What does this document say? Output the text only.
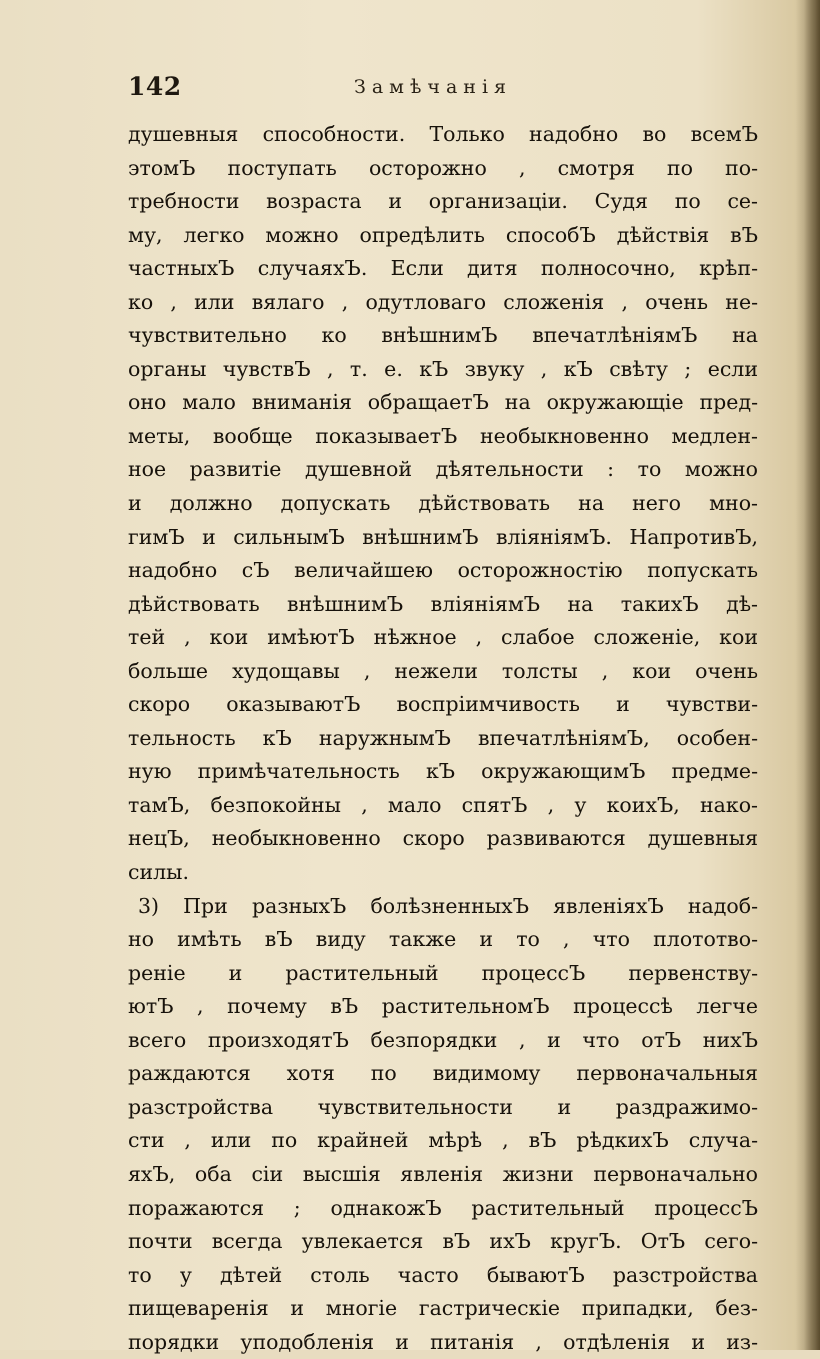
142	Замѣчанія
душевныя способности. Только надобно во всемЪ
этомЪ поступать осторожно , смотря по по-
требности возраста и организаціи. Судя по се-
му, легко можно опредѣлить способЪ дѣйствія вЪ
частныхЪ случаяхЪ. Если дитя полносочно, крѣп-
ко , или вялаго , одутловаго сложенія , очень не-
чувствительно ко внѣшнимЪ впечатлѣніямЪ на
органы чувствЪ , т. е. кЪ звуку , кЪ свѣту ; если
оно мало вниманія обращаетЪ на окружающіе пред-
меты, вообще показываетЪ необыкновенно медлен-
ное развитіе душевной дѣятельности : то можно
и должно допускать дѣйствовать на него мно-
гимЪ и сильнымЪ внѣшнимЪ вліяніямЪ. НапротивЪ,
надобно сЪ величайшею осторожностію попускать
дѣйствовать внѣшнимЪ вліяніямЪ на такихЪ дѣ-
тей , кои имѣютЪ нѣжное , слабое сложеніе, кои
больше худощавы , нежели толсты , кои очень
скоро оказываютЪ воспріимчивость и чувстви-
тельность кЪ наружнымЪ впечатлѣніямЪ, особен-
ную примѣчательность кЪ окружающимЪ предме-
тамЪ, безпокойны , мало спятЪ , у коихЪ, нако-
нецЪ, необыкновенно скоро развиваются душевныя
силы.
3) При разныхЪ болѣзненныхЪ явленіяхЪ надоб-
но имѣть вЪ виду также и то , что плототво-
реніе и растительный процессЪ первенству-
ютЪ , почему вЪ растительномЪ процессѣ легче
всего произходятЪ безпорядки , и что отЪ нихЪ
раждаются хотя по видимому первоначальныя
разстройства чувствительности и раздражимо-
сти , или по крайней мѣрѣ , вЪ рѣдкихЪ случа-
яхЪ, оба сіи высшія явленія жизни первоначально
поражаются ; однакожЪ растительный процессЪ
почти всегда увлекается вЪ ихЪ кругЪ. ОтЪ сего-
то у дѣтей столь часто бываютЪ разстройства
пищеваренія и многіе гастрическіе припадки, без-
порядки уподобленія и питанія , отдѣленія и из-
